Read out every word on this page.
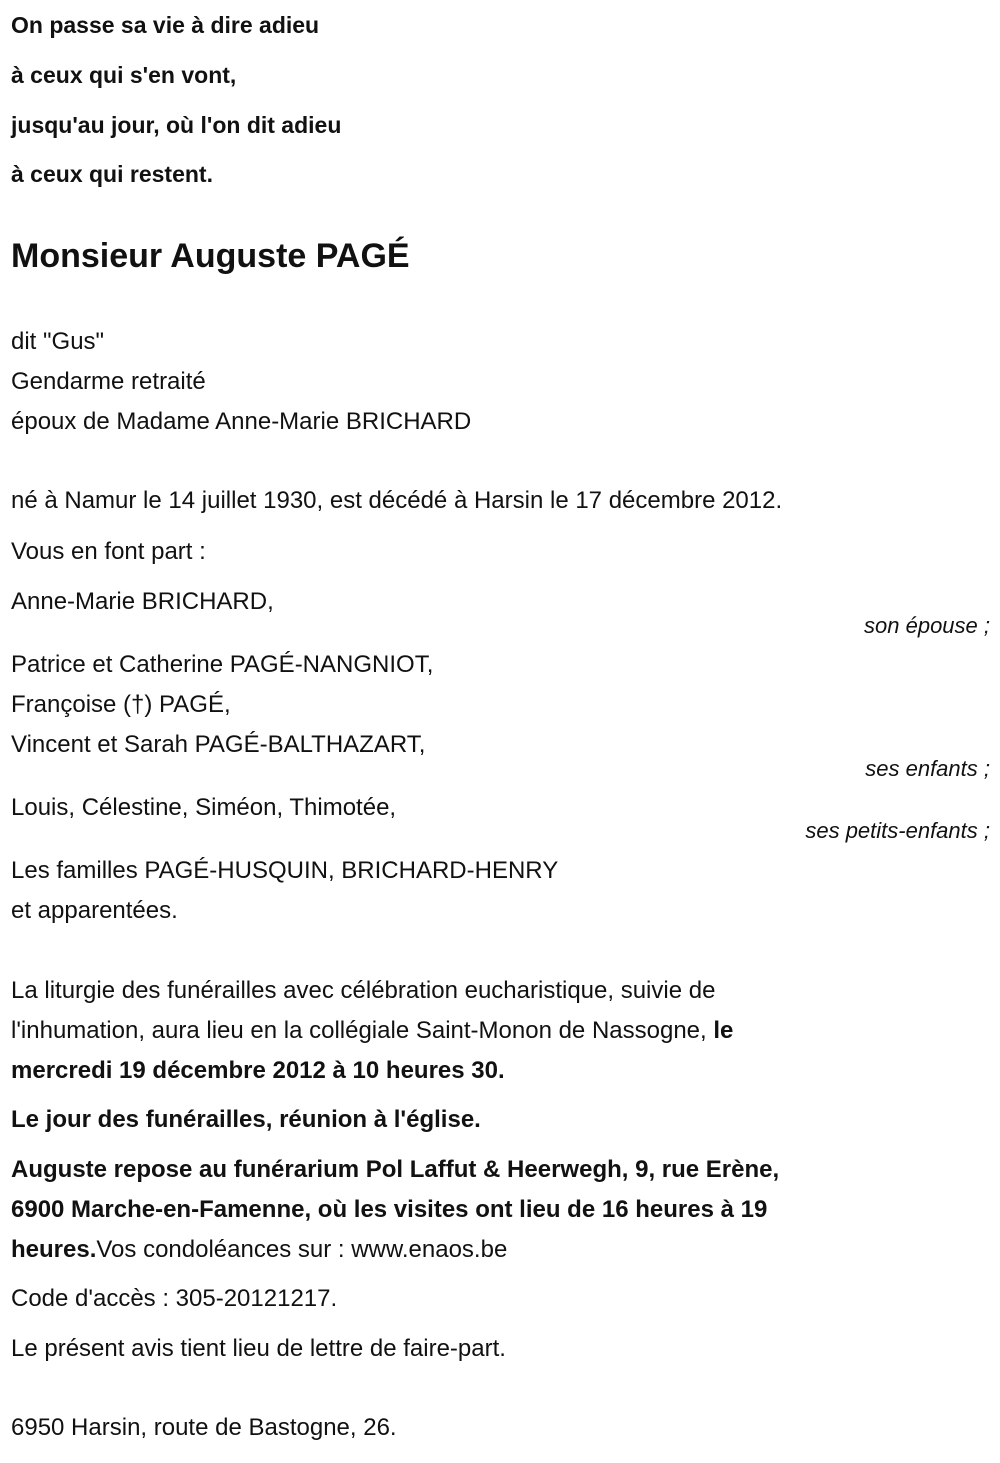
On passe sa vie à dire adieu
à ceux qui s'en vont,
jusqu'au jour, où l'on dit adieu
à ceux qui restent.
Monsieur Auguste PAGÉ
dit "Gus"
Gendarme retraité
époux de Madame Anne-Marie BRICHARD
né à Namur le 14 juillet 1930, est décédé à Harsin le 17 décembre 2012.
Vous en font part :
Anne-Marie BRICHARD,
son épouse ;
Patrice et Catherine PAGÉ-NANGNIOT,
Françoise (†) PAGÉ,
Vincent et Sarah PAGÉ-BALTHAZART,
ses enfants ;
Louis, Célestine, Siméon, Thimotée,
ses petits-enfants ;
Les familles PAGÉ-HUSQUIN, BRICHARD-HENRY
et apparentées.
La liturgie des funérailles avec célébration eucharistique, suivie de
l'inhumation, aura lieu en la collégiale Saint-Monon de Nassogne, le
mercredi 19 décembre 2012 à 10 heures 30.
Le jour des funérailles, réunion à l'église.
Auguste repose au funérarium Pol Laffut & Heerwegh, 9, rue Erène,
6900 Marche-en-Famenne, où les visites ont lieu de 16 heures à 19
heures.Vos condoléances sur : www.enaos.be
Code d'accès : 305-20121217.
Le présent avis tient lieu de lettre de faire-part.
6950 Harsin, route de Bastogne, 26.
